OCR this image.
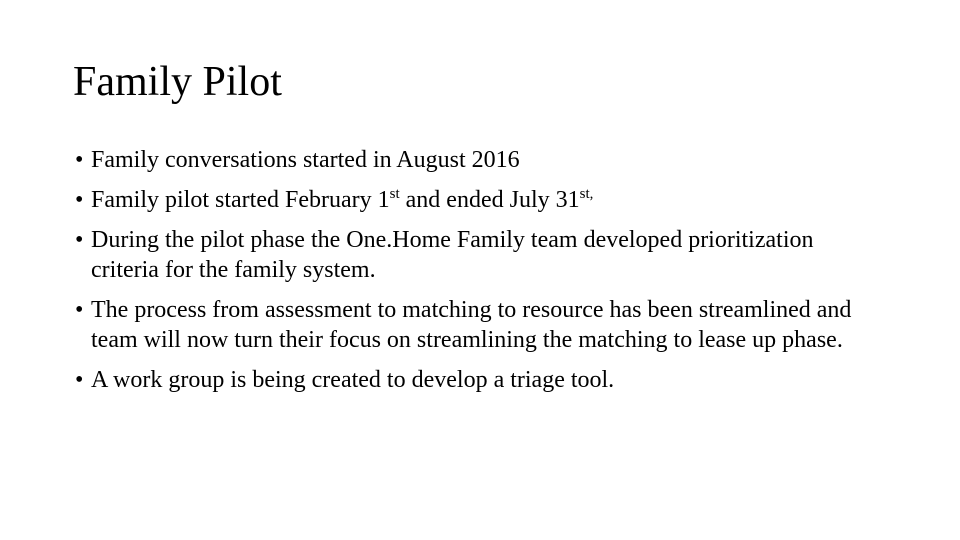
Family Pilot
• Family conversations started in August 2016
• Family pilot started February 1st and ended July $31^{st,}$
• During the pilot phase the One.Home Family team developed prioritization criteria for the family system.
• The process from assessment to matching to resource has been streamlined and team will now turn their focus on streamlining the matching to lease up phase.
• A work group is being created to develop a triage tool.
